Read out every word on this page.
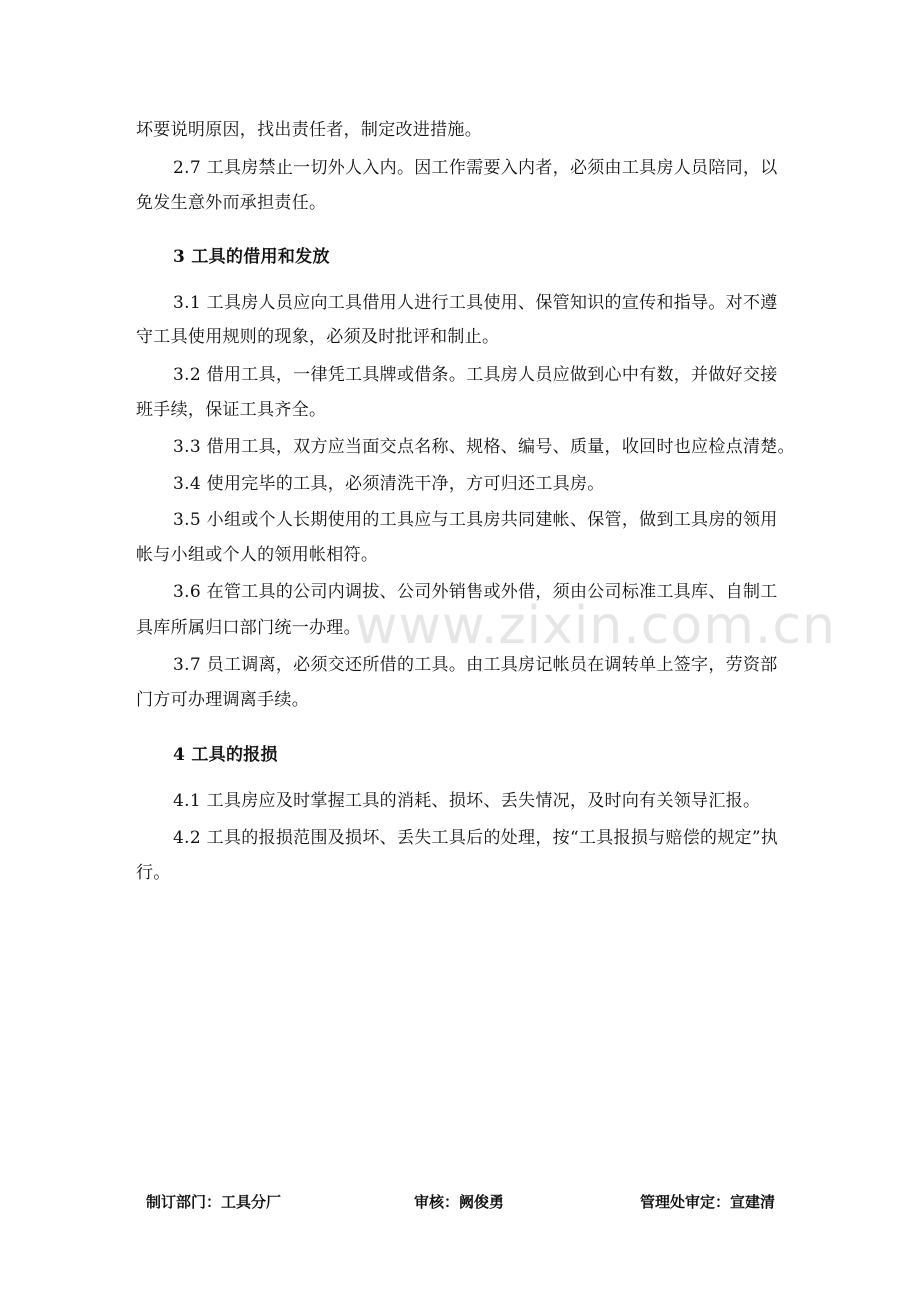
www.zixin.com.cn
坏要说明原因，找出责任者，制定改进措施。
2.7 工具房禁止一切外人入内。因工作需要入内者，必须由工具房人员陪同，以
免发生意外而承担责任。
3 工具的借用和发放
3.1 工具房人员应向工具借用人进行工具使用、保管知识的宣传和指导。对不遵
守工具使用规则的现象，必须及时批评和制止。
3.2 借用工具，一律凭工具牌或借条。工具房人员应做到心中有数，并做好交接
班手续，保证工具齐全。
3.3 借用工具，双方应当面交点名称、规格、编号、质量，收回时也应检点清楚。
3.4 使用完毕的工具，必须清洗干净，方可归还工具房。
3.5 小组或个人长期使用的工具应与工具房共同建帐、保管，做到工具房的领用
帐与小组或个人的领用帐相符。
3.6 在管工具的公司内调拔、公司外销售或外借，须由公司标准工具库、自制工
具库所属归口部门统一办理。
3.7 员工调离，必须交还所借的工具。由工具房记帐员在调转单上签字，劳资部
门方可办理调离手续。
4 工具的报损
4.1 工具房应及时掌握工具的消耗、损坏、丢失情况，及时向有关领导汇报。
4.2 工具的报损范围及损坏、丢失工具后的处理，按“工具报损与赔偿的规定”执
行。
制订部门：工具分厂	审核：阙俊勇	管理处审定：宣建清
